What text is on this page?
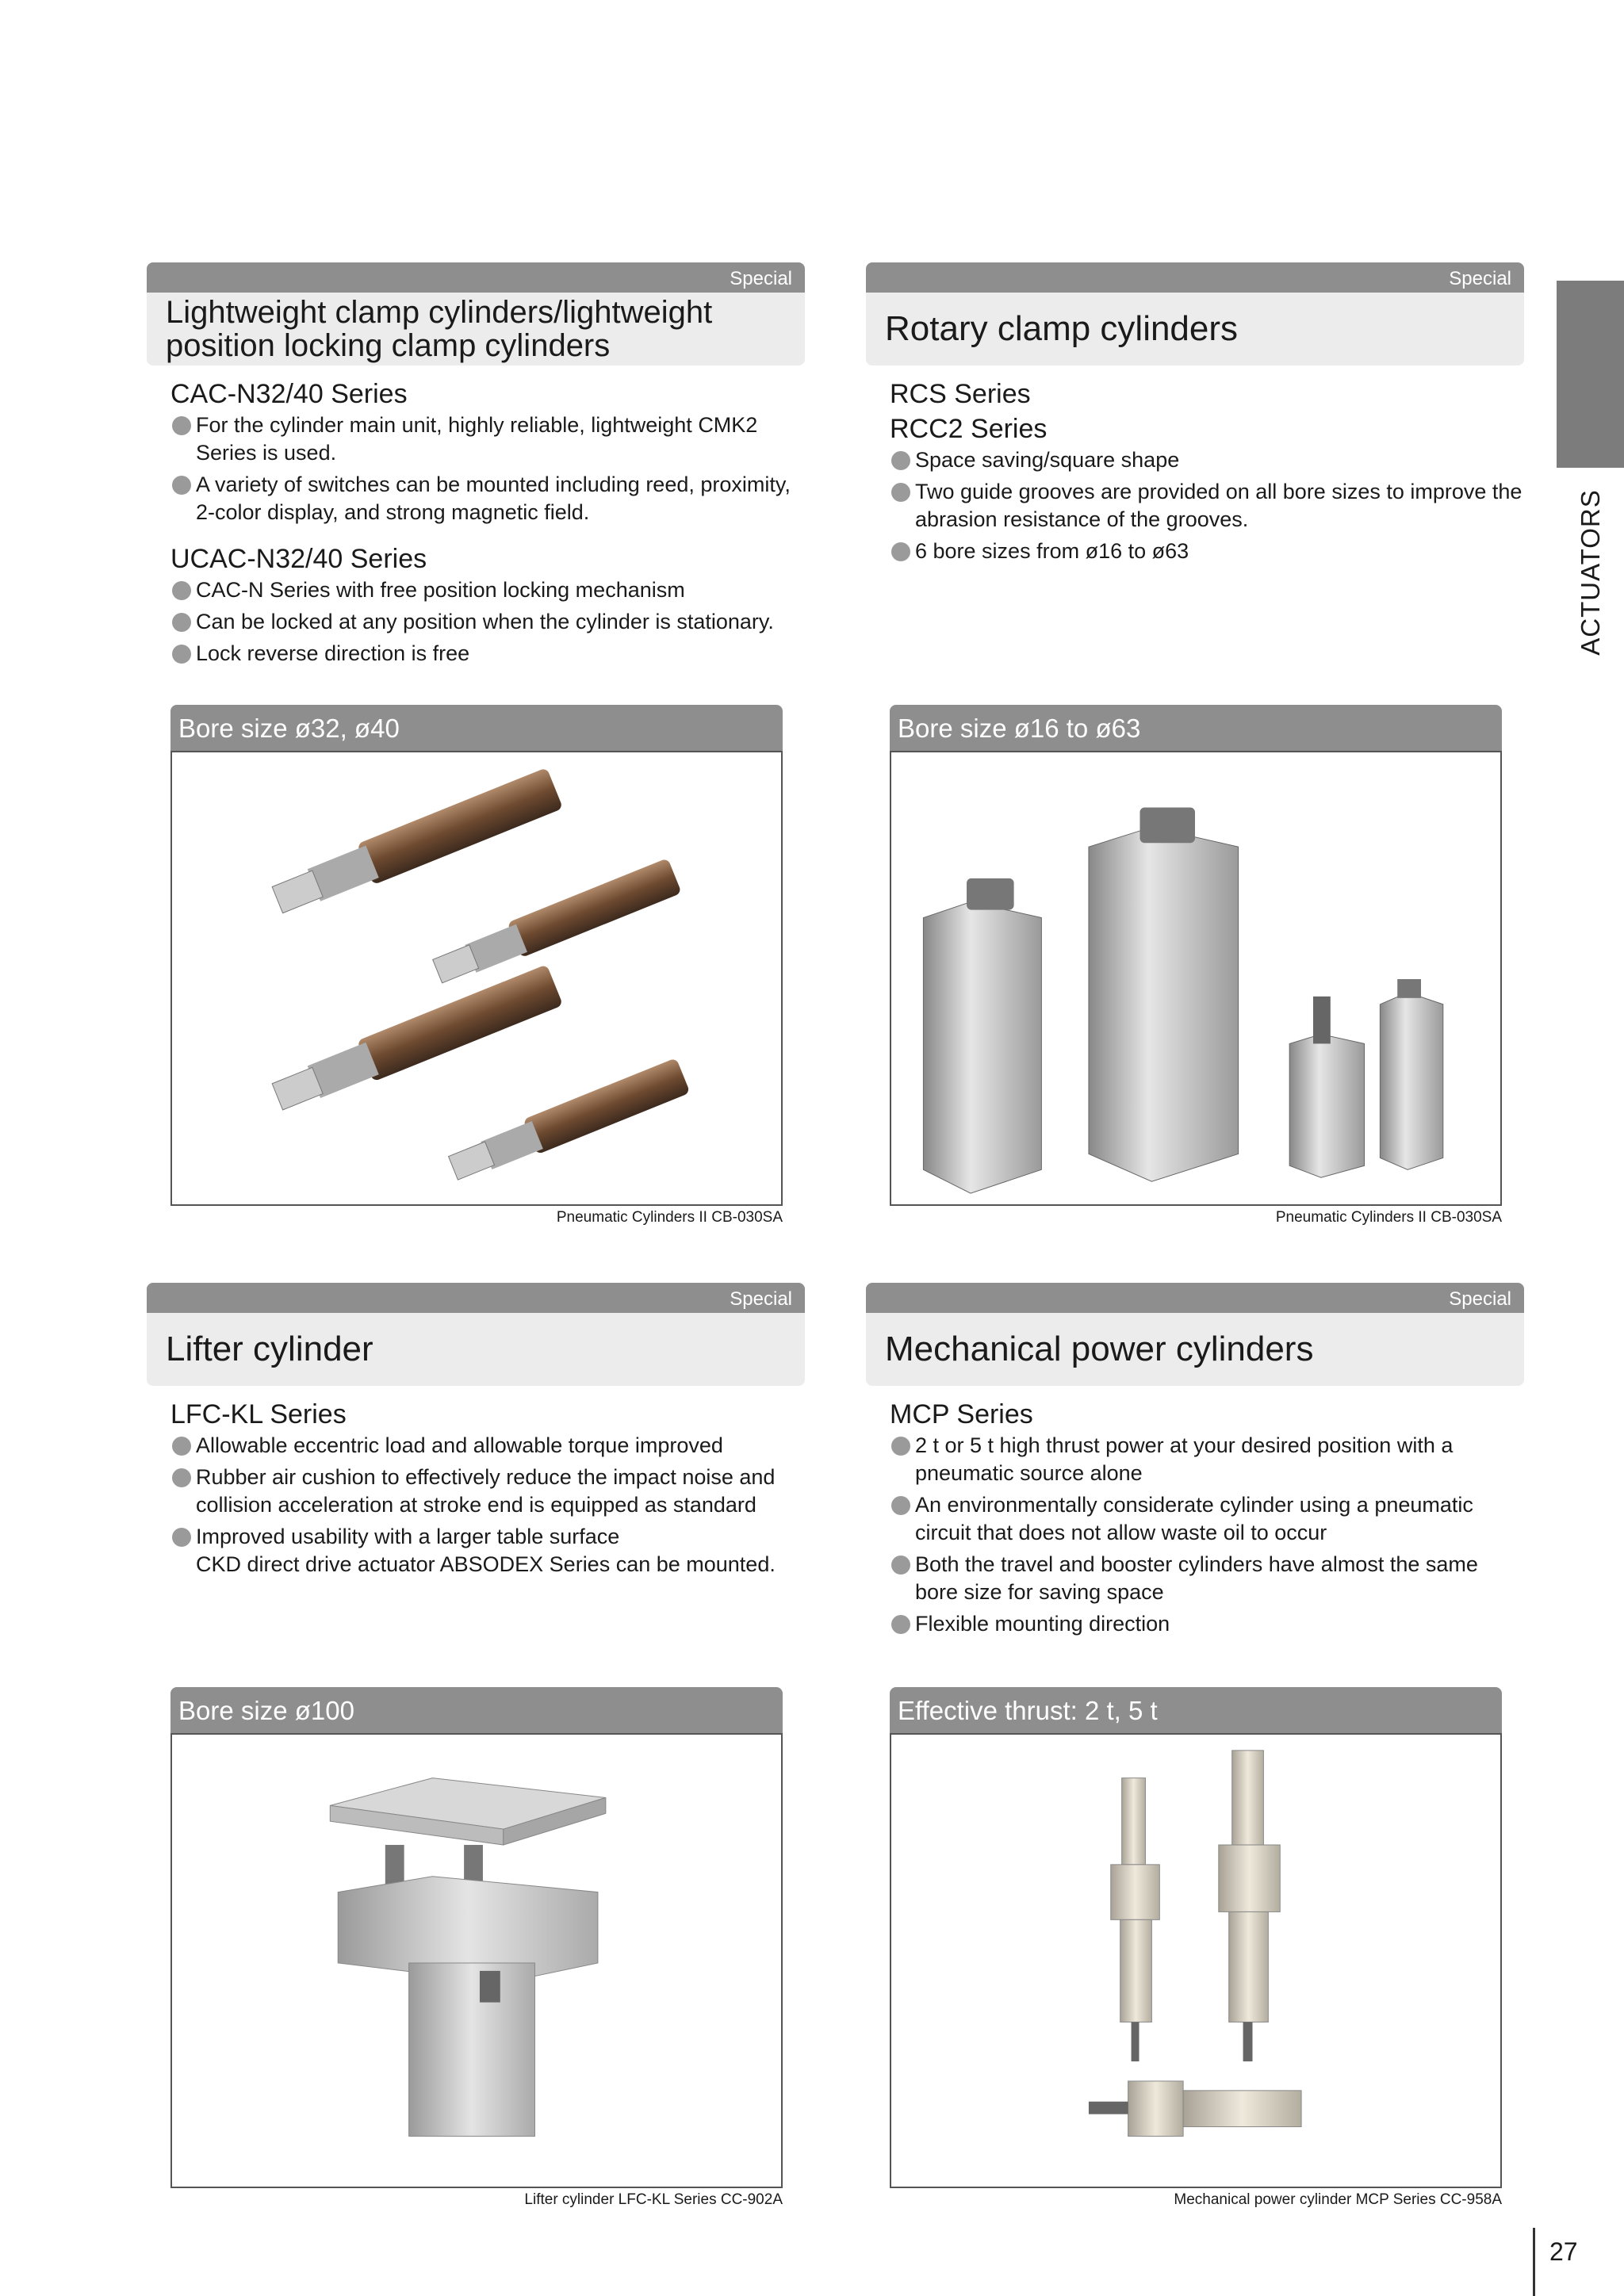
Special
Lightweight clamp cylinders/lightweight position locking clamp cylinders
CAC-N32/40 Series
For the cylinder main unit, highly reliable, lightweight CMK2 Series is used.
A variety of switches can be mounted including reed, proximity, 2-color display, and strong magnetic field.
UCAC-N32/40 Series
CAC-N Series with free position locking mechanism
Can be locked at any position when the cylinder is stationary.
Lock reverse direction is free
Bore size ø32, ø40
Pneumatic Cylinders II CB-030SA
Special
Rotary clamp cylinders
RCS Series
RCC2 Series
Space saving/square shape
Two guide grooves are provided on all bore sizes to improve the abrasion resistance of the grooves.
6 bore sizes from ø16 to ø63
Bore size ø16 to ø63
Pneumatic Cylinders II CB-030SA
Special
Lifter cylinder
LFC-KL Series
Allowable eccentric load and allowable torque improved
Rubber air cushion to effectively reduce the impact noise and collision acceleration at stroke end is equipped as standard
Improved usability with a larger table surface
CKD direct drive actuator ABSODEX Series can be mounted.
Bore size ø100
Lifter cylinder LFC-KL Series CC-902A
Special
Mechanical power cylinders
MCP Series
2 t or 5 t high thrust power at your desired position with a pneumatic source alone
An environmentally considerate cylinder using a pneumatic circuit that does not allow waste oil to occur
Both the travel and booster cylinders have almost the same bore size for saving space
Flexible mounting direction
Effective thrust: 2 t, 5 t
Mechanical power cylinder MCP Series CC-958A
ACTUATORS
27
